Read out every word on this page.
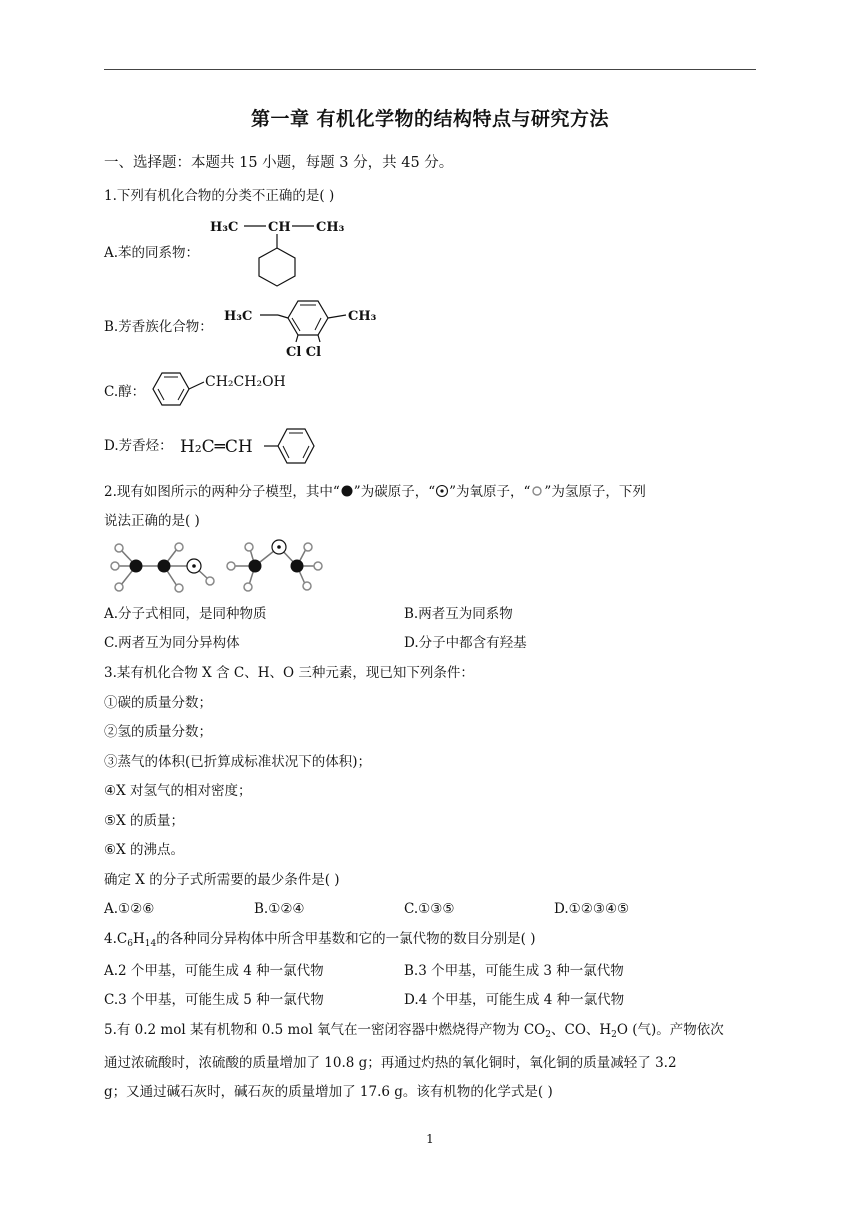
第一章 有机化学物的结构特点与研究方法
一、选择题：本题共 15 小题，每题 3 分，共 45 分。
1.下列有机化合物的分类不正确的是( )
A.苯的同系物：
H₃C CH CH₃
B.芳香族化合物：
H₃C	CH₃
Cl Cl
C.醇：
CH₂CH₂OH
D.芳香烃： H₂C═CH
2.现有如图所示的两种分子模型，其中“ ”为碳原子，“ ”为氧原子，“ ”为氢原子，下列
说法正确的是( )
A.分子式相同，是同种物质	B.两者互为同系物
C.两者互为同分异构体	D.分子中都含有羟基
3.某有机化合物 X 含 C、H、O 三种元素，现已知下列条件：
①碳的质量分数；
②氢的质量分数；
③蒸气的体积(已折算成标准状况下的体积)；
④X 对氢气的相对密度；
⑤X 的质量；
⑥X 的沸点。
确定 X 的分子式所需要的最少条件是( )
A.①②⑥	B.①②④	C.①③⑤	D.①②③④⑤
$4.C_6H_{14}$的各种同分异构体中所含甲基数和它的一氯代物的数目分别是( )
A.2 个甲基，可能生成 4 种一氯代物	B.3 个甲基，可能生成 3 种一氯代物
C.3 个甲基，可能生成 5 种一氯代物	D.4 个甲基，可能生成 4 种一氯代物
5.有 0.2 mol 某有机物和 0.5 mol 氧气在一密闭容器中燃烧得产物为 $CO_2$、CO、$H_2O$ (气)。产物依次
通过浓硫酸时，浓硫酸的质量增加了 10.8 g；再通过灼热的氧化铜时，氧化铜的质量减轻了 3.2
g；又通过碱石灰时，碱石灰的质量增加了 17.6 g。该有机物的化学式是( )
1
